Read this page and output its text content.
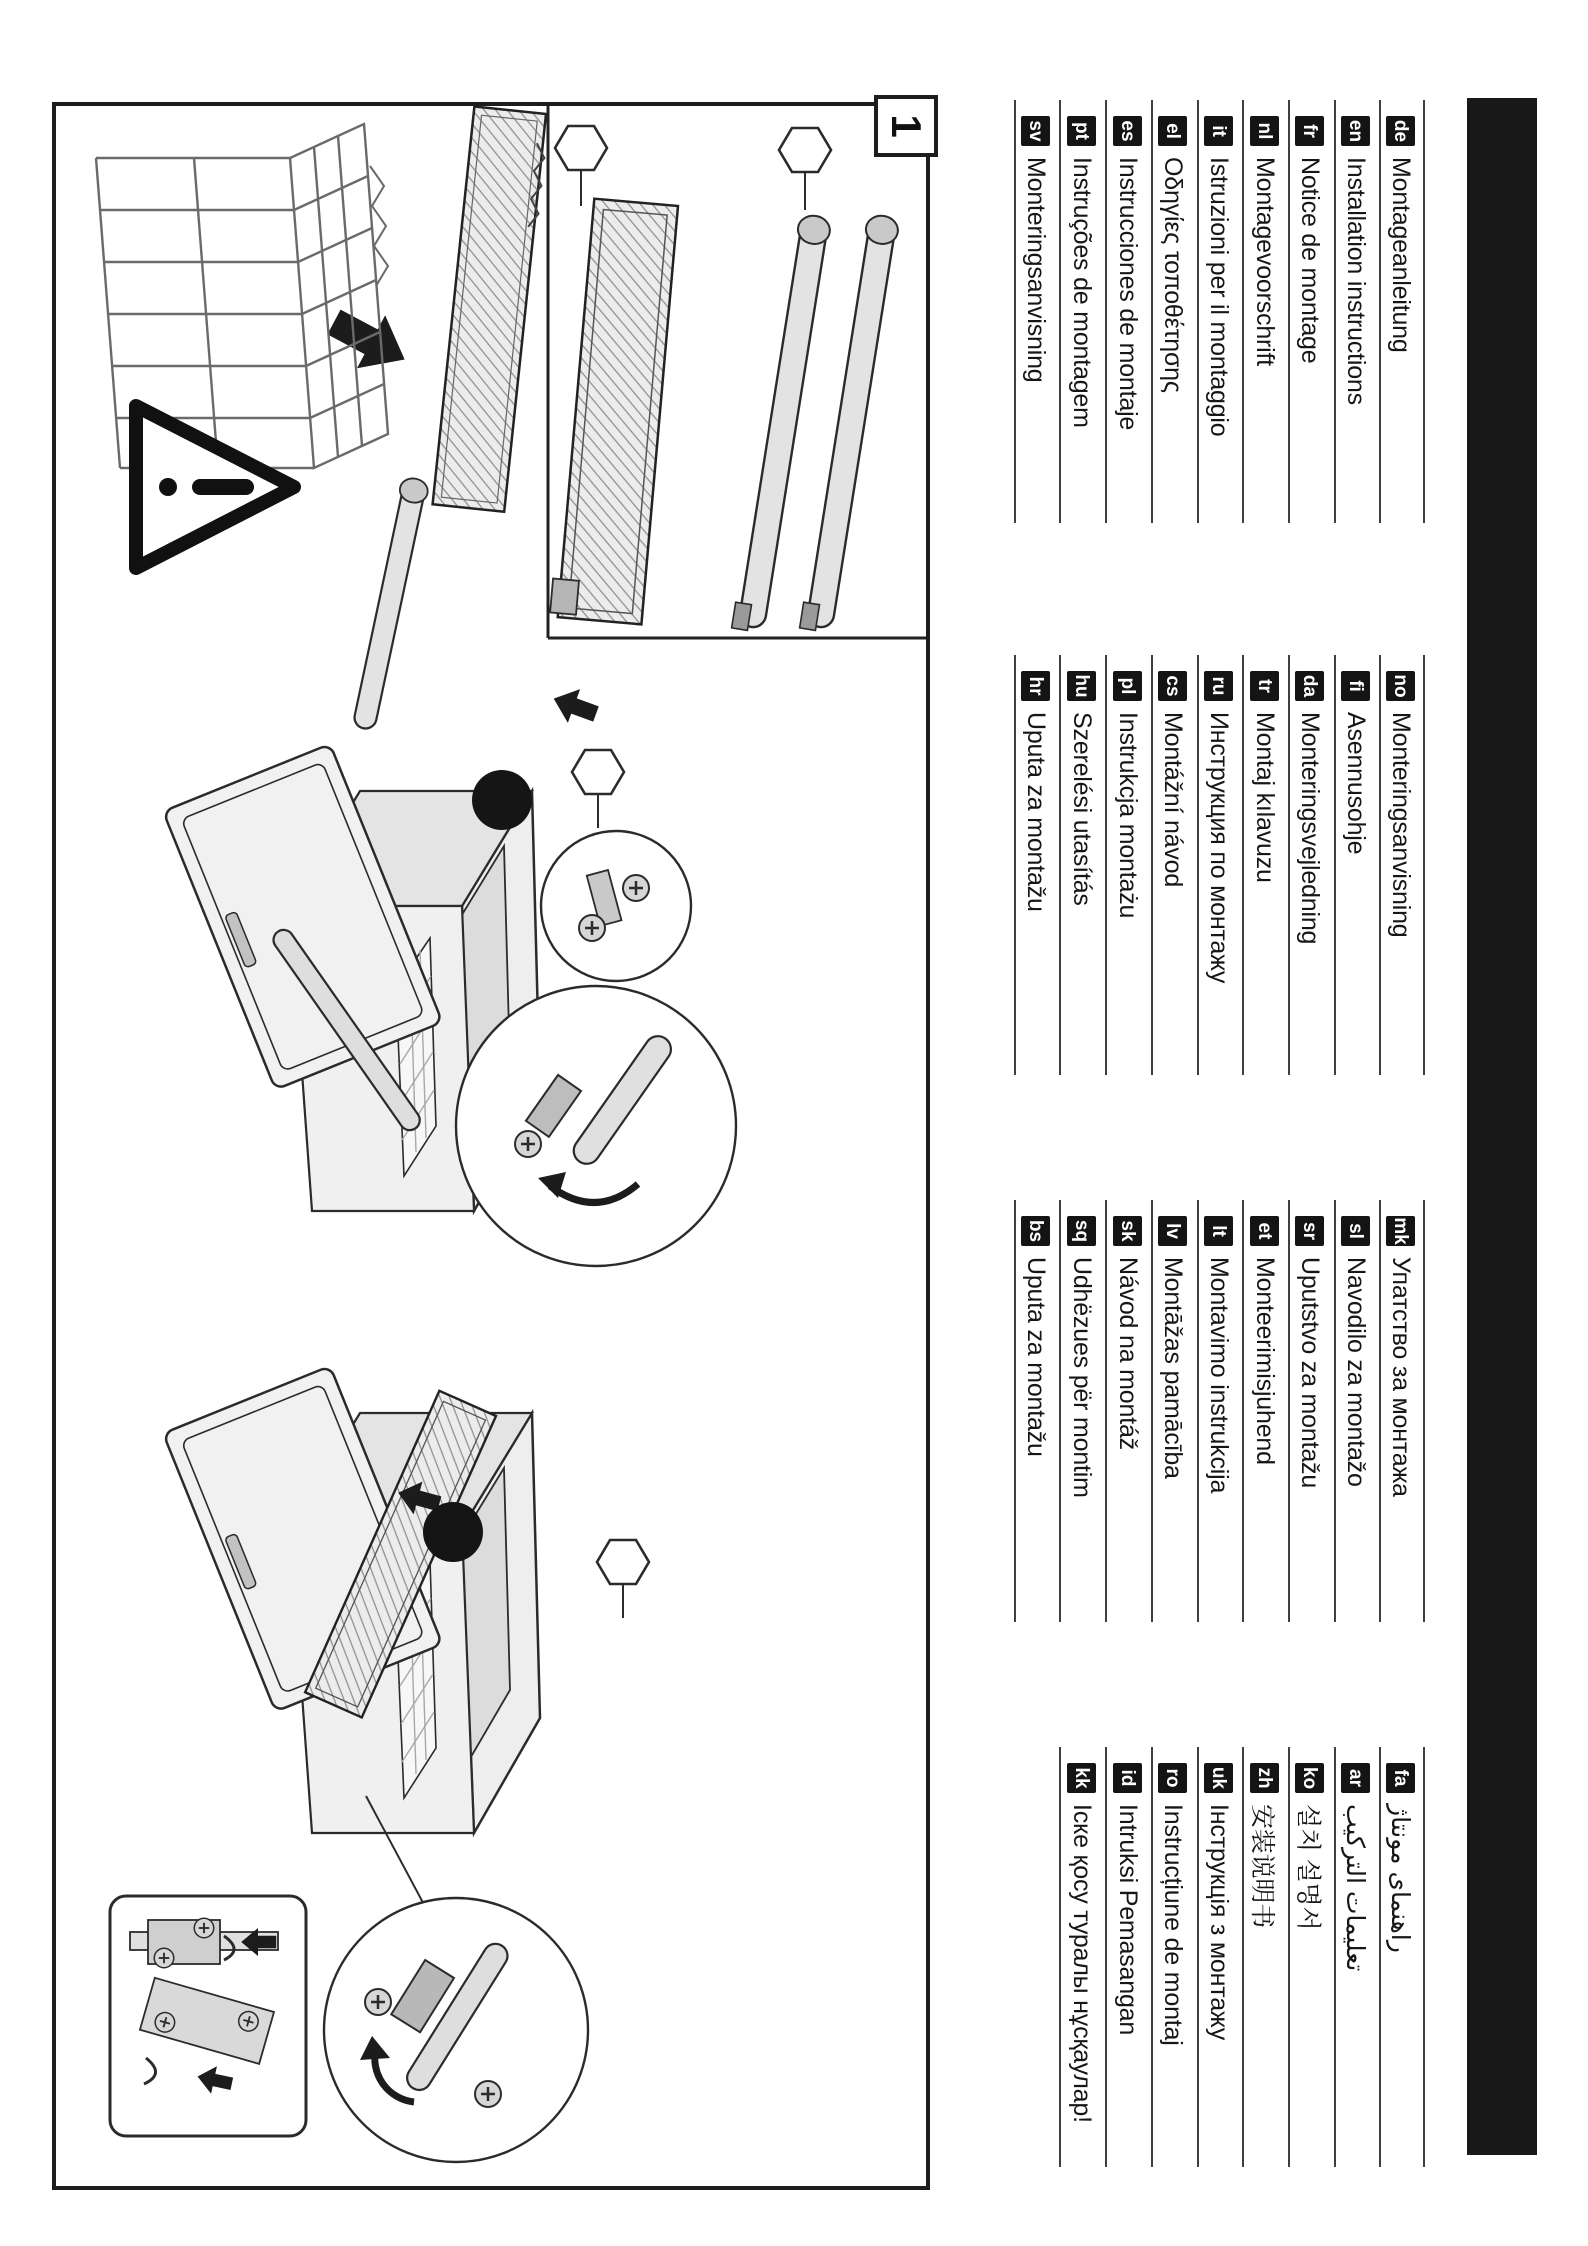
de
Montageanleitung
en
Installation instructions
fr
Notice de montage
nl
Montagevoorschrift
it
Istruzioni per il montaggio
el
Οδηγίες τοποθέτησης
es
Instrucciones de montaje
pt
Instruções de montagem
sv
Monteringsanvisning
no
Monteringsanvisning
fi
Asennusohje
da
Monteringsvejledning
tr
Montaj kılavuzu
ru
Инструкция по монтажу
cs
Montážní návod
pl
Instrukcja montażu
hu
Szerelési utasítás
hr
Uputa za montažu
mk
Упатство за монтажа
sl
Navodilo za montažo
sr
Uputstvo za montažu
et
Monteerimisjuhend
lt
Montavimo instrukcija
lv
Montāžas pamācība
sk
Návod na montáž
sq
Udhëzues për montim
bs
Uputa za montažu
fa
راهنمای مونتاژ
ar
تعليمات التركيب
ko
설치 설명서
zh
安装说明书
uk
Інструкція з монтажу
ro
Instrucțiune de montaj
id
Intruksi Pemasangan
kk
Іске қосу туралы нұсқаулар!
1
